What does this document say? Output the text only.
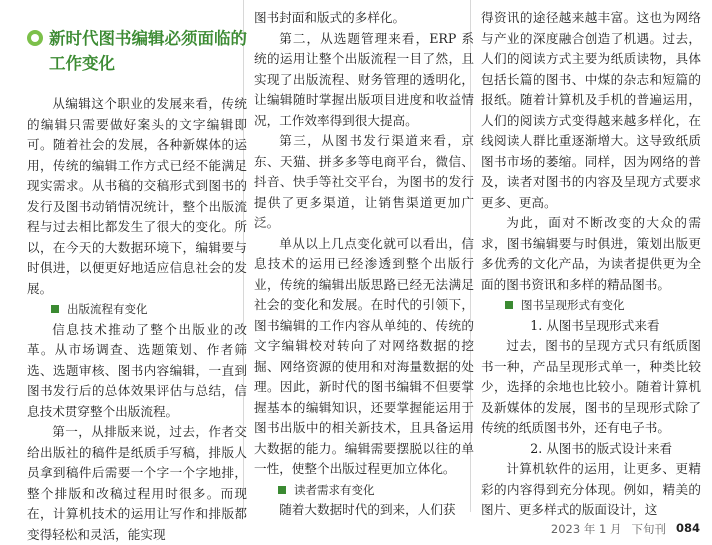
新时代图书编辑必须面临的工作变化

从编辑这个职业的发展来看，传统的编辑只需要做好案头的文字编辑即可。随着社会的发展，各种新媒体的运用，传统的编辑工作方式已经不能满足现实需求。从书稿的交稿形式到图书的发行及图书动销情况统计，整个出版流程与过去相比都发生了很大的变化。所以，在今天的大数据环境下，编辑要与时俱进，以便更好地适应信息社会的发展。

出版流程有变化

信息技术推动了整个出版业的改革。从市场调查、选题策划、作者筛选、选题审核、图书内容编辑，一直到图书发行后的总体效果评估与总结，信息技术贯穿整个出版流程。

第一，从排版来说，过去，作者交给出版社的稿件是纸质手写稿，排版人员拿到稿件后需要一个字一个字地排，整个排版和改稿过程用时很多。而现在，计算机技术的运用让写作和排版都变得轻松和灵活，能实现

图书封面和版式的多样化。

第二，从选题管理来看，ERP 系统的运用让整个出版流程一目了然，且实现了出版流程、财务管理的透明化，让编辑随时掌握出版项目进度和收益情况，工作效率得到很大提高。

第三，从图书发行渠道来看，京东、天猫、拼多多等电商平台，微信、抖音、快手等社交平台，为图书的发行提供了更多渠道，让销售渠道更加广泛。

单从以上几点变化就可以看出，信息技术的运用已经渗透到整个出版行业，传统的编辑出版思路已经无法满足社会的变化和发展。在时代的引领下，图书编辑的工作内容从单纯的、传统的文字编辑校对转向了对网络数据的挖掘、网络资源的使用和对海量数据的处理。因此，新时代的图书编辑不但要掌握基本的编辑知识，还要掌握能运用于图书出版中的相关新技术，且具备运用大数据的能力。编辑需要摆脱以往的单一性，使整个出版过程更加立体化。

读者需求有变化

随着大数据时代的到来，人们获

得资讯的途径越来越丰富。这也为网络与产业的深度融合创造了机遇。过去，人们的阅读方式主要为纸质读物，具体包括长篇的图书、中煤的杂志和短篇的报纸。随着计算机及手机的普遍运用，人们的阅读方式变得越来越多样化，在线阅读人群比重逐渐增大。这导致纸质图书市场的萎缩。同样，因为网络的普及，读者对图书的内容及呈现方式要求更多、更高。

为此，面对不断改变的大众的需求，图书编辑要与时俱进，策划出版更多优秀的文化产品，为读者提供更为全面的图书资讯和多样的精品图书。

图书呈现形式有变化

1. 从图书呈现形式来看

过去，图书的呈现方式只有纸质图书一种，产品呈现形式单一，种类比较少，选择的余地也比较小。随着计算机及新媒体的发展，图书的呈现形式除了传统的纸质图书外，还有电子书。

2. 从图书的版式设计来看

计算机软件的运用，让更多、更精彩的内容得到充分体现。例如，精美的图片、更多样式的版面设计，这

2023 年 1 月 下旬刊 084
